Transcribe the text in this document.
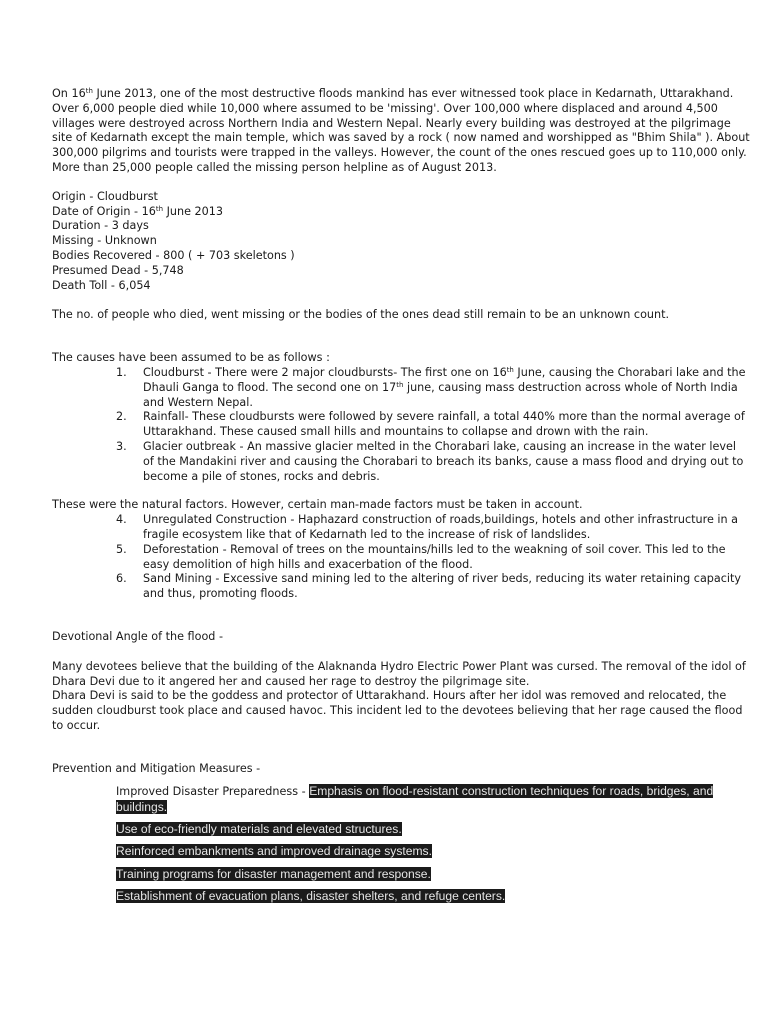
On 16th June 2013, one of the most destructive floods mankind has ever witnessed took place in Kedarnath, Uttarakhand. Over 6,000 people died while 10,000 where assumed to be 'missing'. Over 100,000 where displaced and around 4,500 villages were destroyed across Northern India and Western Nepal. Nearly every building was destroyed at the pilgrimage site of Kedarnath except the main temple, which was saved by a rock ( now named and worshipped as "Bhim Shila" ). About 300,000 pilgrims and tourists were trapped in the valleys. However, the count of the ones rescued goes up to 110,000 only. More than 25,000 people called the missing person helpline as of August 2013.

Origin - Cloudburst
Date of Origin - 16th June 2013
Duration - 3 days
Missing - Unknown
Bodies Recovered - 800 ( + 703 skeletons )
Presumed Dead - 5,748
Death Toll - 6,054

The no. of people who died, went missing or the bodies of the ones dead still remain to be an unknown count.

The causes have been assumed to be as follows :

1. Cloudburst - There were 2 major cloudbursts- The first one on 16th June, causing the Chorabari lake and the Dhauli Ganga to flood. The second one on 17th june, causing mass destruction across whole of North India and Western Nepal.
2. Rainfall- These cloudbursts were followed by severe rainfall, a total 440% more than the normal average of Uttarakhand. These caused small hills and mountains to collapse and drown with the rain.
3. Glacier outbreak - An massive glacier melted in the Chorabari lake, causing an increase in the water level of the Mandakini river and causing the Chorabari to breach its banks, cause a mass flood and drying out to become a pile of stones, rocks and debris.

These were the natural factors. However, certain man-made factors must be taken in account.

4. Unregulated Construction - Haphazard construction of roads,buildings, hotels and other infrastructure in a fragile ecosystem like that of Kedarnath led to the increase of risk of landslides.
5. Deforestation - Removal of trees on the mountains/hills led to the weakning of soil cover. This led to the easy demolition of high hills and exacerbation of the flood.
6. Sand Mining - Excessive sand mining led to the altering of river beds, reducing its water retaining capacity and thus, promoting floods.

Devotional Angle of the flood -

Many devotees believe that the building of the Alaknanda Hydro Electric Power Plant was cursed. The removal of the idol of Dhara Devi due to it angered her and caused her rage to destroy the pilgrimage site.

Dhara Devi is said to be the goddess and protector of Uttarakhand. Hours after her idol was removed and relocated, the sudden cloudburst took place and caused havoc. This incident led to the devotees believing that her rage caused the flood to occur.

Prevention and Mitigation Measures -

Improved Disaster Preparedness - Emphasis on flood-resistant construction techniques for roads, bridges, and buildings.
Use of eco-friendly materials and elevated structures.
Reinforced embankments and improved drainage systems.
Training programs for disaster management and response.
Establishment of evacuation plans, disaster shelters, and refuge centers.
